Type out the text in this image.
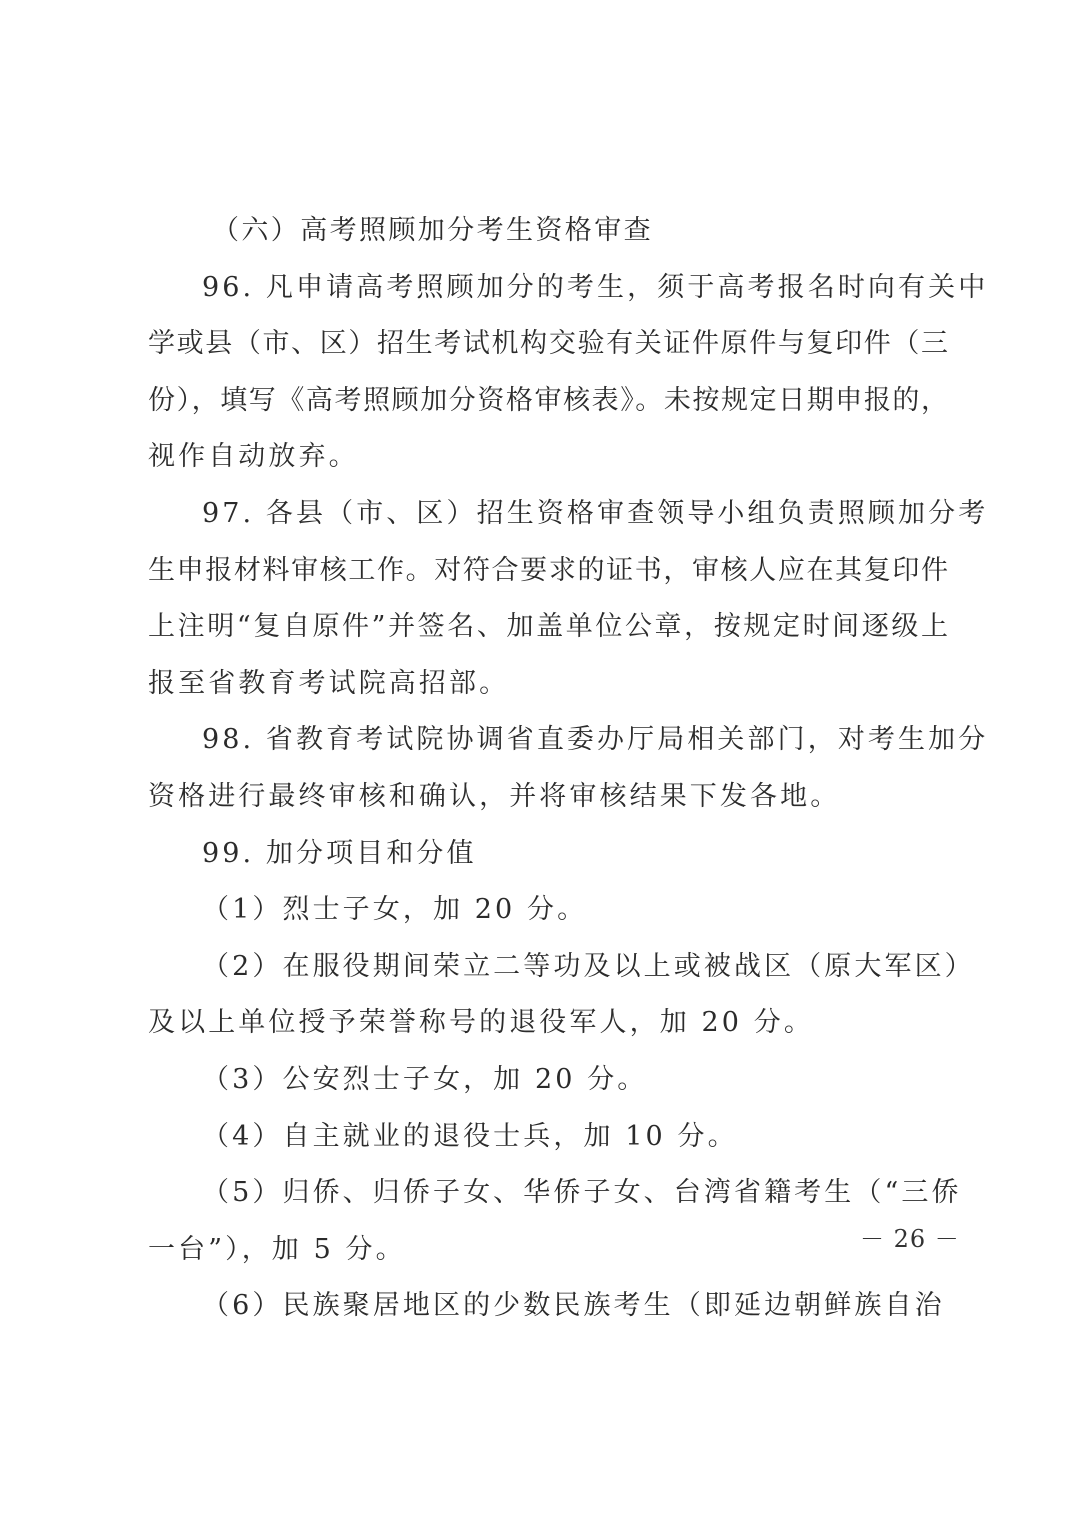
（六）高考照顾加分考生资格审查
96. 凡申请高考照顾加分的考生，须于高考报名时向有关中
学或县（市、区）招生考试机构交验有关证件原件与复印件（三
份），填写《高考照顾加分资格审核表》。未按规定日期申报的，
视作自动放弃。
97. 各县（市、区）招生资格审查领导小组负责照顾加分考
生申报材料审核工作。对符合要求的证书，审核人应在其复印件
上注明“复自原件”并签名、加盖单位公章，按规定时间逐级上
报至省教育考试院高招部。
98. 省教育考试院协调省直委办厅局相关部门，对考生加分
资格进行最终审核和确认，并将审核结果下发各地。
99. 加分项目和分值
（1）烈士子女，加 20 分。
（2）在服役期间荣立二等功及以上或被战区（原大军区）
及以上单位授予荣誉称号的退役军人，加 20 分。
（3）公安烈士子女，加 20 分。
（4）自主就业的退役士兵，加 10 分。
（5）归侨、归侨子女、华侨子女、台湾省籍考生（“三侨
一台”），加 5 分。
（6）民族聚居地区的少数民族考生（即延边朝鲜族自治
－ 26 －
